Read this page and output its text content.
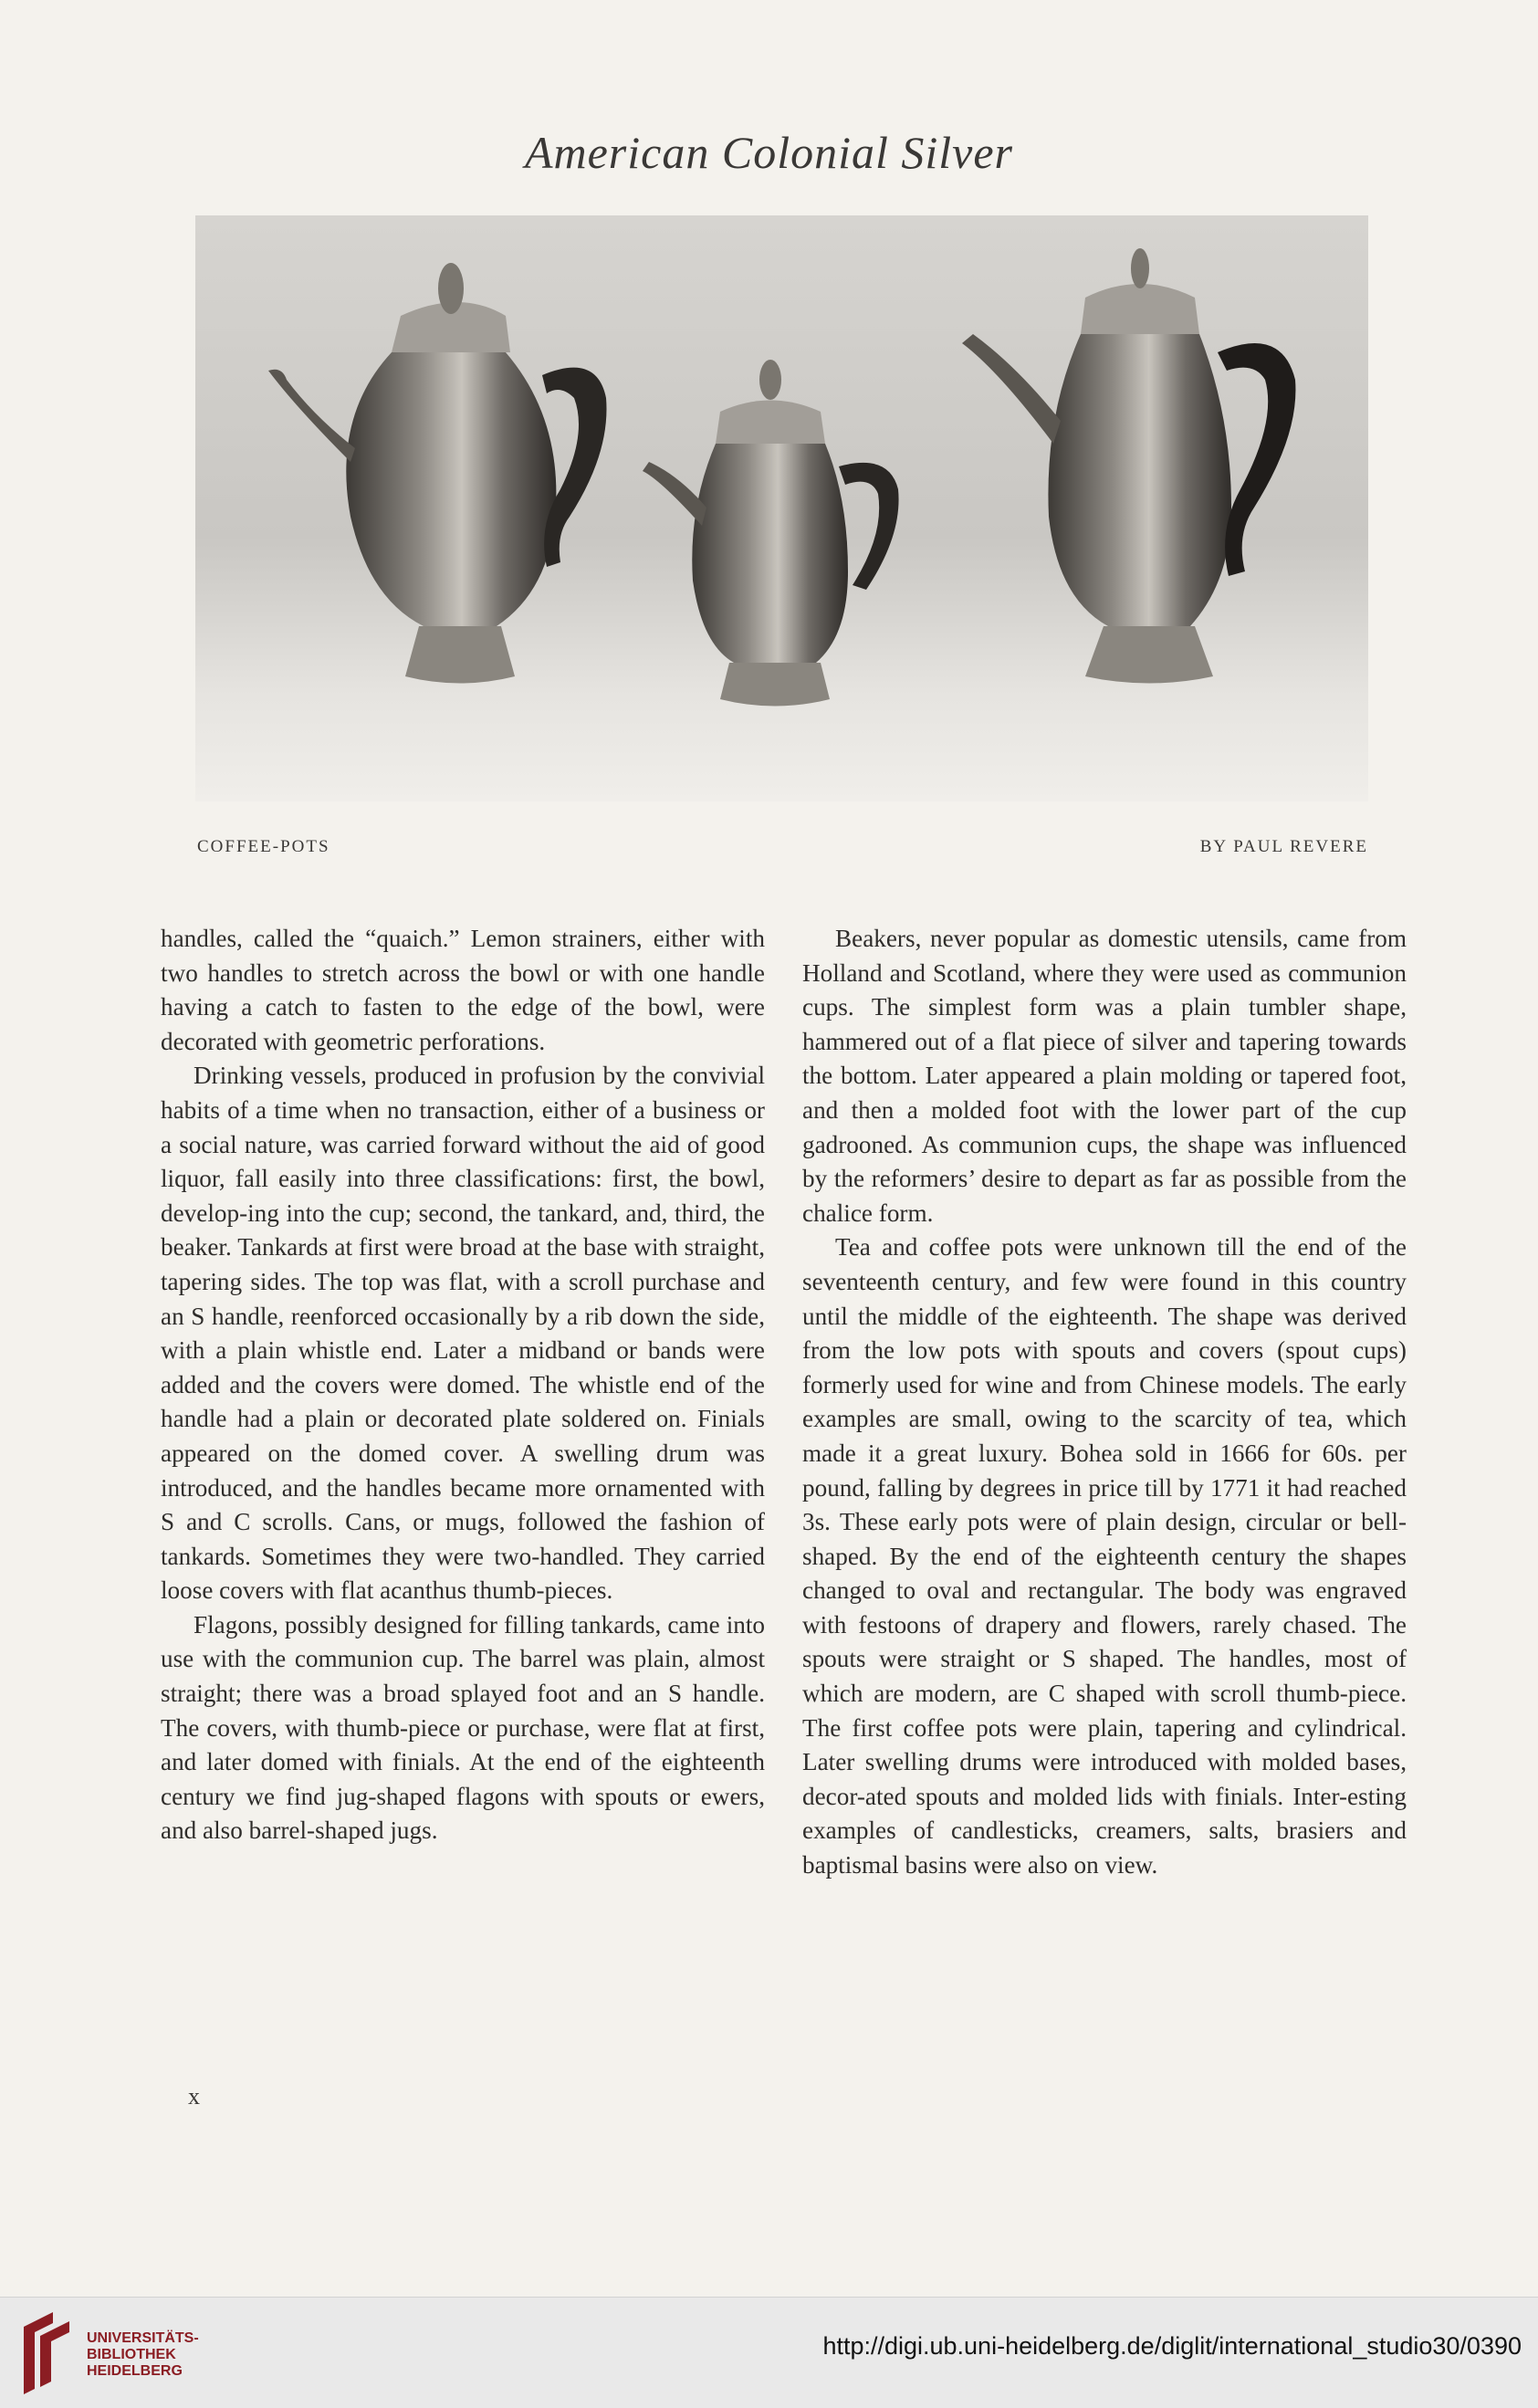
American Colonial Silver
COFFEE-POTS	BY PAUL REVERE

handles, called the “quaich.” Lemon strainers, either with two handles to stretch across the bowl or with one handle having a catch to fasten to the edge of the bowl, were decorated with geometric perforations.

Drinking vessels, produced in profusion by the convivial habits of a time when no transaction, either of a business or a social nature, was carried forward without the aid of good liquor, fall easily into three classifications: first, the bowl, develop-ing into the cup; second, the tankard, and, third, the beaker. Tankards at first were broad at the base with straight, tapering sides. The top was flat, with a scroll purchase and an S handle, reenforced occasionally by a rib down the side, with a plain whistle end. Later a midband or bands were added and the covers were domed. The whistle end of the handle had a plain or decorated plate soldered on. Finials appeared on the domed cover. A swelling drum was introduced, and the handles became more ornamented with S and C scrolls. Cans, or mugs, followed the fashion of tankards. Sometimes they were two-handled. They carried loose covers with flat acanthus thumb-pieces.

Flagons, possibly designed for filling tankards, came into use with the communion cup. The barrel was plain, almost straight; there was a broad splayed foot and an S handle. The covers, with thumb-piece or purchase, were flat at first, and later domed with finials. At the end of the eighteenth century we find jug-shaped flagons with spouts or ewers, and also barrel-shaped jugs.

Beakers, never popular as domestic utensils, came from Holland and Scotland, where they were used as communion cups. The simplest form was a plain tumbler shape, hammered out of a flat piece of silver and tapering towards the bottom. Later appeared a plain molding or tapered foot, and then a molded foot with the lower part of the cup gadrooned. As communion cups, the shape was influenced by the reformers’ desire to depart as far as possible from the chalice form.

Tea and coffee pots were unknown till the end of the seventeenth century, and few were found in this country until the middle of the eighteenth. The shape was derived from the low pots with spouts and covers (spout cups) formerly used for wine and from Chinese models. The early examples are small, owing to the scarcity of tea, which made it a great luxury. Bohea sold in 1666 for 60s. per pound, falling by degrees in price till by 1771 it had reached 3s. These early pots were of plain design, circular or bell-shaped. By the end of the eighteenth century the shapes changed to oval and rectangular. The body was engraved with festoons of drapery and flowers, rarely chased. The spouts were straight or S shaped. The handles, most of which are modern, are C shaped with scroll thumb-piece. The first coffee pots were plain, tapering and cylindrical. Later swelling drums were introduced with molded bases, decor-ated spouts and molded lids with finials. Inter-esting examples of candlesticks, creamers, salts, brasiers and baptismal basins were also on view.

x
UNIVERSITÄTS-
BIBLIOTHEK
HEIDELBERG
http://digi.ub.uni-heidelberg.de/diglit/international_studio30/0390
